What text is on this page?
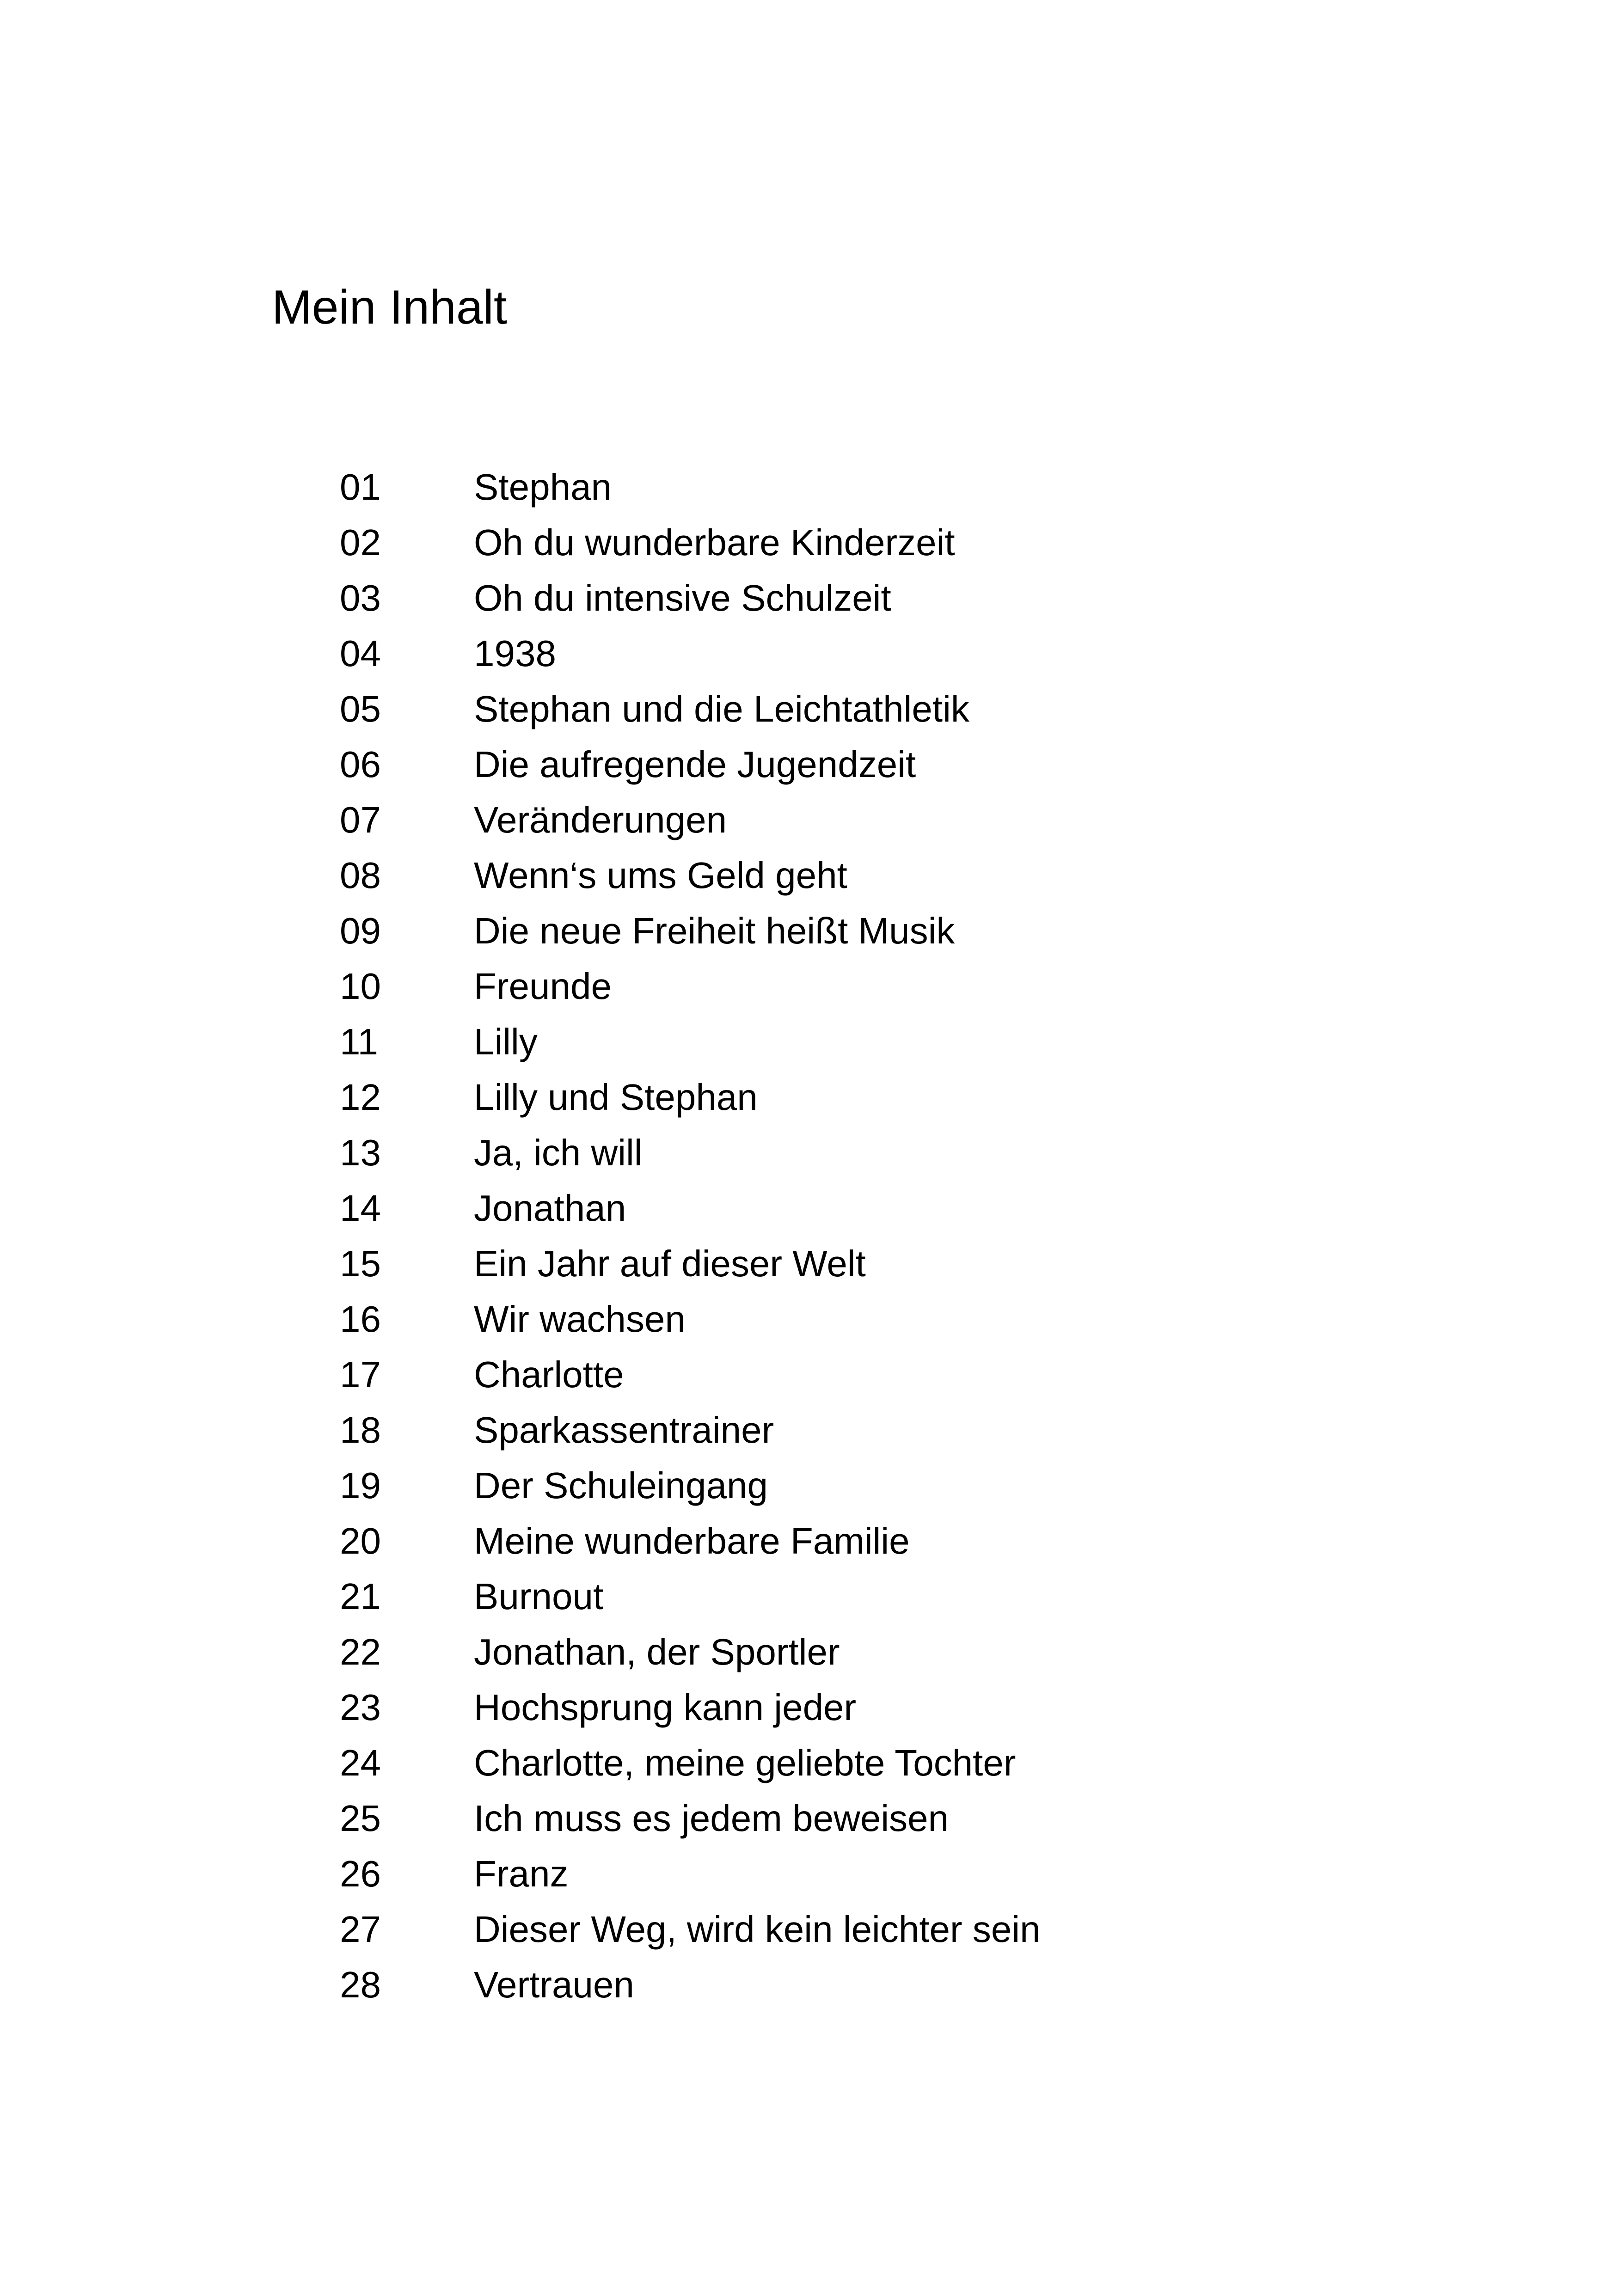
Mein Inhalt
01	Stephan
02	Oh du wunderbare Kinderzeit
03	Oh du intensive Schulzeit
04	1938
05	Stephan und die Leichtathletik
06	Die aufregende Jugendzeit
07	Veränderungen
08	Wenn‘s ums Geld geht
09	Die neue Freiheit heißt Musik
10	Freunde
11	Lilly
12	Lilly und Stephan
13	Ja, ich will
14	Jonathan
15	Ein Jahr auf dieser Welt
16	Wir wachsen
17	Charlotte
18	Sparkassentrainer
19	Der Schuleingang
20	Meine wunderbare Familie
21	Burnout
22	Jonathan, der Sportler
23	Hochsprung kann jeder
24	Charlotte, meine geliebte Tochter
25	Ich muss es jedem beweisen
26	Franz
27	Dieser Weg, wird kein leichter sein
28	Vertrauen
